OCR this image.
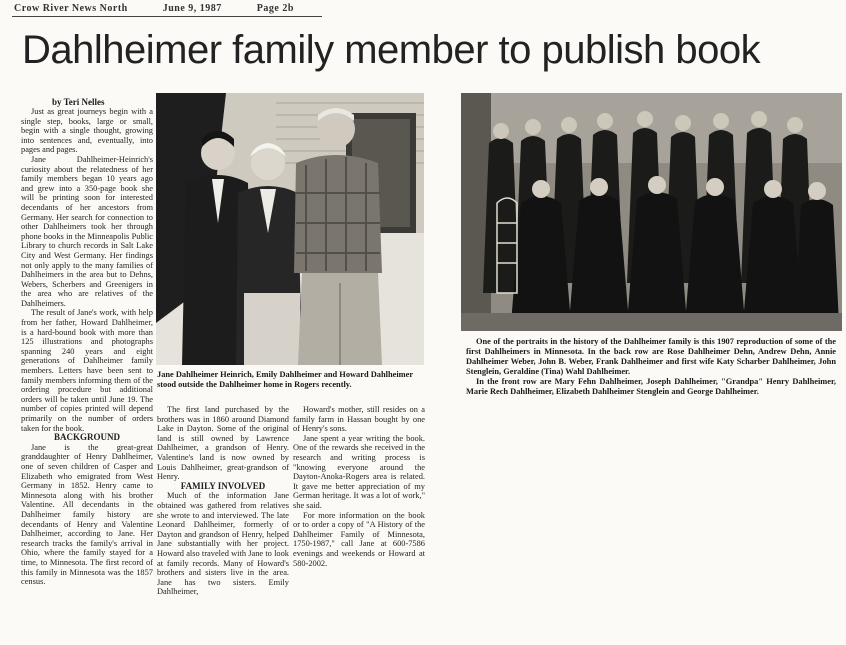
Crow River News North	June 9, 1987	Page 2b
Dahlheimer family member to publish book
by Teri Nelles

Just as great journeys begin with a single step, books, large or small, begin with a single thought, growing into sentences and, eventually, into pages and pages.

Jane Dahlheimer-Heinrich's curiosity about the relatedness of her family members began 10 years ago and grew into a 350-page book she will be printing soon for interested decendants of her ancestors from Germany. Her search for connection to other Dahlheimers took her through phone books in the Minneapolis Public Library to church records in Salt Lake City and West Germany. Her findings not only apply to the many families of Dahlheimers in the area but to Dehns, Webers, Scherbers and Greenigers in the area who are relatives of the Dahlheimers.

The result of Jane's work, with help from her father, Howard Dahlheimer, is a hard-bound book with more than 125 illustrations and photographs spanning 240 years and eight generations of Dahlheimer family members. Letters have been sent to family members informing them of the ordering procedure but additional orders will be taken until June 19. The number of copies printed will depend primarily on the number of orders taken for the book.

BACKGROUND

Jane is the great-great granddaughter of Henry Dahlheimer, one of seven children of Casper and Elizabeth who emigrated from West Germany in 1852. Henry came to Minnesota along with his brother Valentine. All decendants in the Dahlheimer family history are decendants of Henry and Valentine Dahlheimer, according to Jane. Her research tracks the family's arrival in Ohio, where the family stayed for a time, to Minnesota. The first record of this family in Minnesota was the 1857 census.

Jane Dahlheimer Heinrich, Emily Dahlheimer and Howard Dahlheimer stood outside the Dahlheimer home in Rogers recently.

The first land purchased by the brothers was in 1860 around Diamond Lake in Dayton. Some of the original land is still owned by Lawrence Dahlheimer, a grandson of Henry. Valentine's land is now owned by Louis Dahlheimer, great-grandson of Henry.

FAMILY INVOLVED

Much of the information Jane obtained was gathered from relatives she wrote to and interviewed. The late Leonard Dahlheimer, formerly of Dayton and grandson of Henry, helped Jane substantially with her project. Howard also traveled with Jane to look at family records. Many of Howard's brothers and sisters live in the area. Jane has two sisters. Emily Dahlheimer,

Howard's mother, still resides on a family farm in Hassan bought by one of Henry's sons.

Jane spent a year writing the book. One of the rewards she received in the research and writing process is "knowing everyone around the Dayton-Anoka-Rogers area is related. It gave me better appreciation of my German heritage. It was a lot of work," she said.

For more information on the book or to order a copy of "A History of the Dahlheimer Family of Minnesota, 1750-1987," call Jane at 600-7586 evenings and weekends or Howard at 580-2002.

One of the portraits in the history of the Dahlheimer family is this 1907 reproduction of some of the first Dahlheimers in Minnesota. In the back row are Rose Dahlheimer Dehn, Andrew Dehn, Annie Dahlheimer Weber, John B. Weber, Frank Dahlheimer and first wife Katy Scharber Dahlheimer, John Stenglein, Geraldine (Tina) Wahl Dahlheimer.

In the front row are Mary Fehn Dahlheimer, Joseph Dahlheimer, "Grandpa" Henry Dahlheimer, Marie Rech Dahlheimer, Elizabeth Dahlheimer Stenglein and George Dahlheimer.
